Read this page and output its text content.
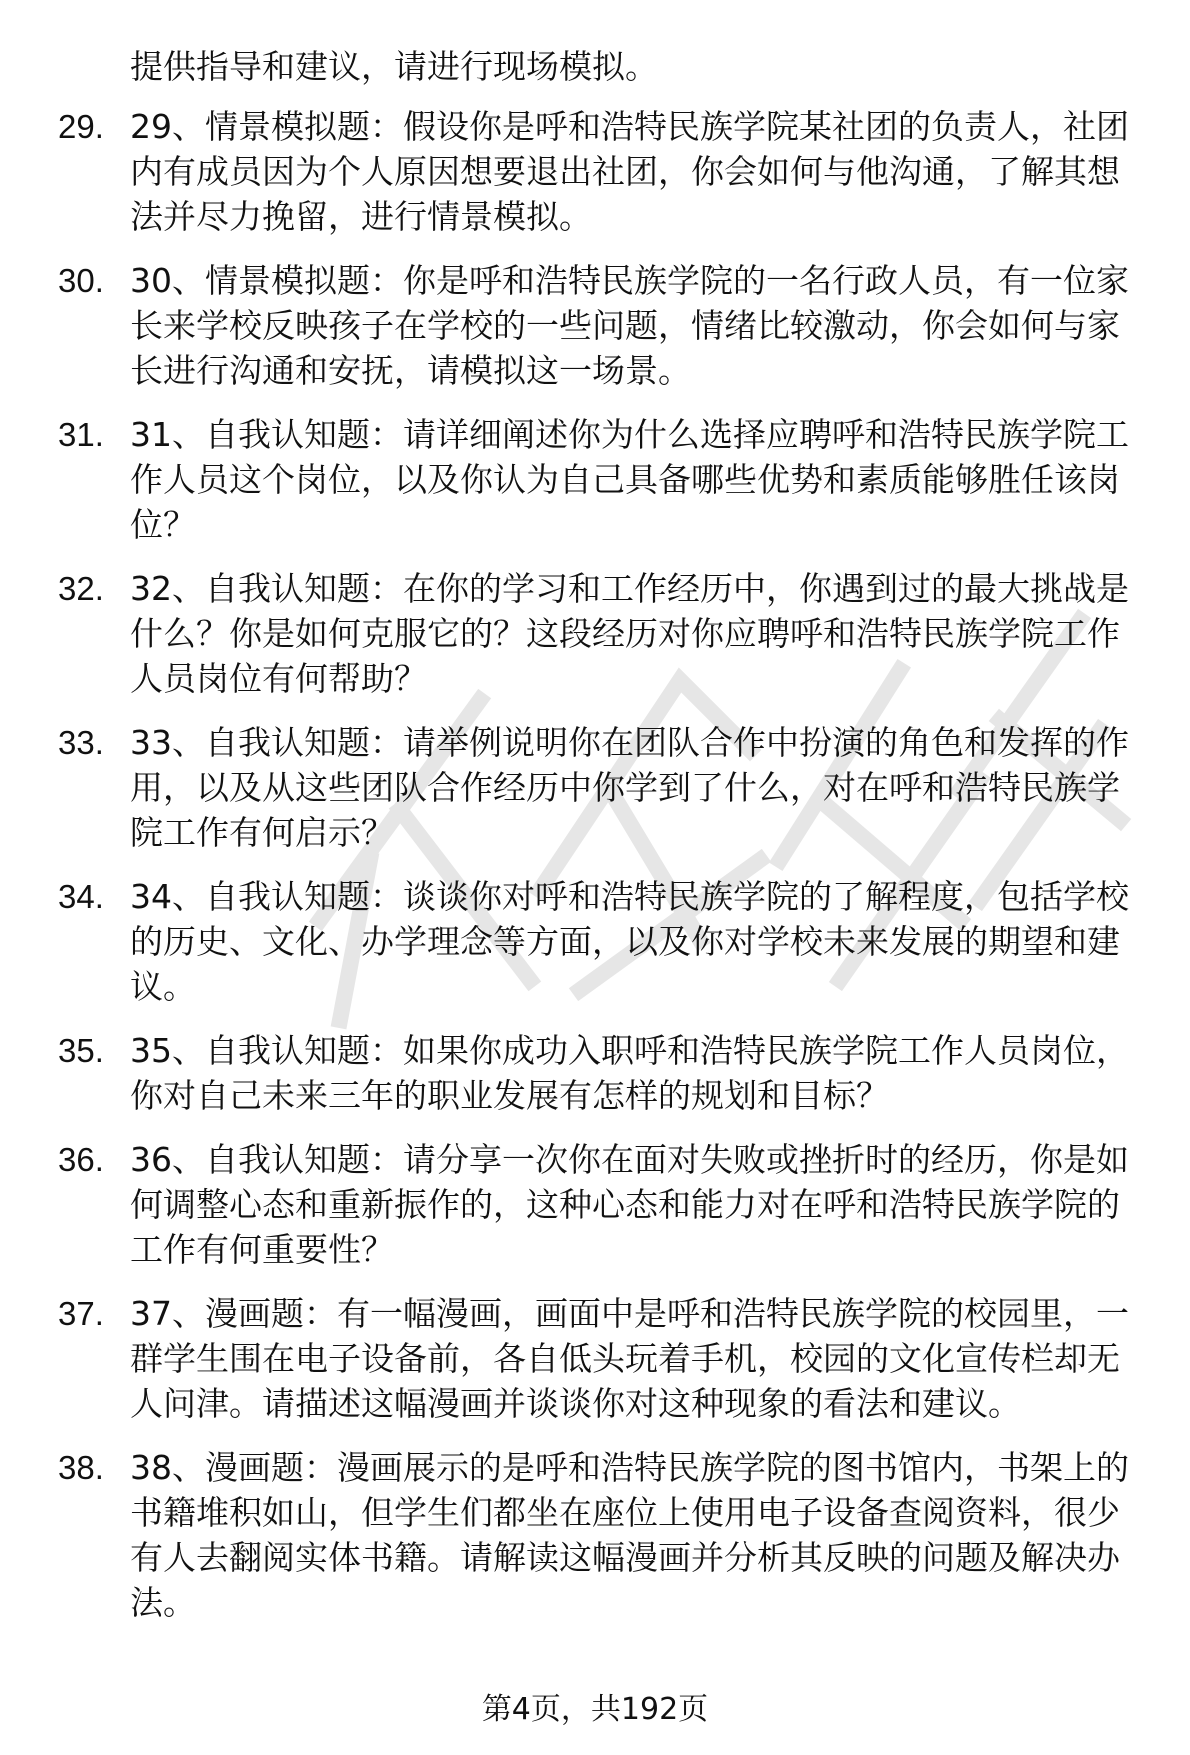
提供指导和建议，请进行现场模拟。
29. 29、情景模拟题：假设你是呼和浩特民族学院某社团的负责人，社团内有成员因为个人原因想要退出社团，你会如何与他沟通，了解其想法并尽力挽留，进行情景模拟。
30. 30、情景模拟题：你是呼和浩特民族学院的一名行政人员，有一位家长来学校反映孩子在学校的一些问题，情绪比较激动，你会如何与家长进行沟通和安抚，请模拟这一场景。
31. 31、自我认知题：请详细阐述你为什么选择应聘呼和浩特民族学院工作人员这个岗位，以及你认为自己具备哪些优势和素质能够胜任该岗位？
32. 32、自我认知题：在你的学习和工作经历中，你遇到过的最大挑战是什么？你是如何克服它的？这段经历对你应聘呼和浩特民族学院工作人员岗位有何帮助？
33. 33、自我认知题：请举例说明你在团队合作中扮演的角色和发挥的作用，以及从这些团队合作经历中你学到了什么，对在呼和浩特民族学院工作有何启示？
34. 34、自我认知题：谈谈你对呼和浩特民族学院的了解程度，包括学校的历史、文化、办学理念等方面，以及你对学校未来发展的期望和建议。
35. 35、自我认知题：如果你成功入职呼和浩特民族学院工作人员岗位，你对自己未来三年的职业发展有怎样的规划和目标？
36. 36、自我认知题：请分享一次你在面对失败或挫折时的经历，你是如何调整心态和重新振作的，这种心态和能力对在呼和浩特民族学院的工作有何重要性？
37. 37、漫画题：有一幅漫画，画面中是呼和浩特民族学院的校园里，一群学生围在电子设备前，各自低头玩着手机，校园的文化宣传栏却无人问津。请描述这幅漫画并谈谈你对这种现象的看法和建议。
38. 38、漫画题：漫画展示的是呼和浩特民族学院的图书馆内，书架上的书籍堆积如山，但学生们都坐在座位上使用电子设备查阅资料，很少有人去翻阅实体书籍。请解读这幅漫画并分析其反映的问题及解决办法。
第4页，共192页
